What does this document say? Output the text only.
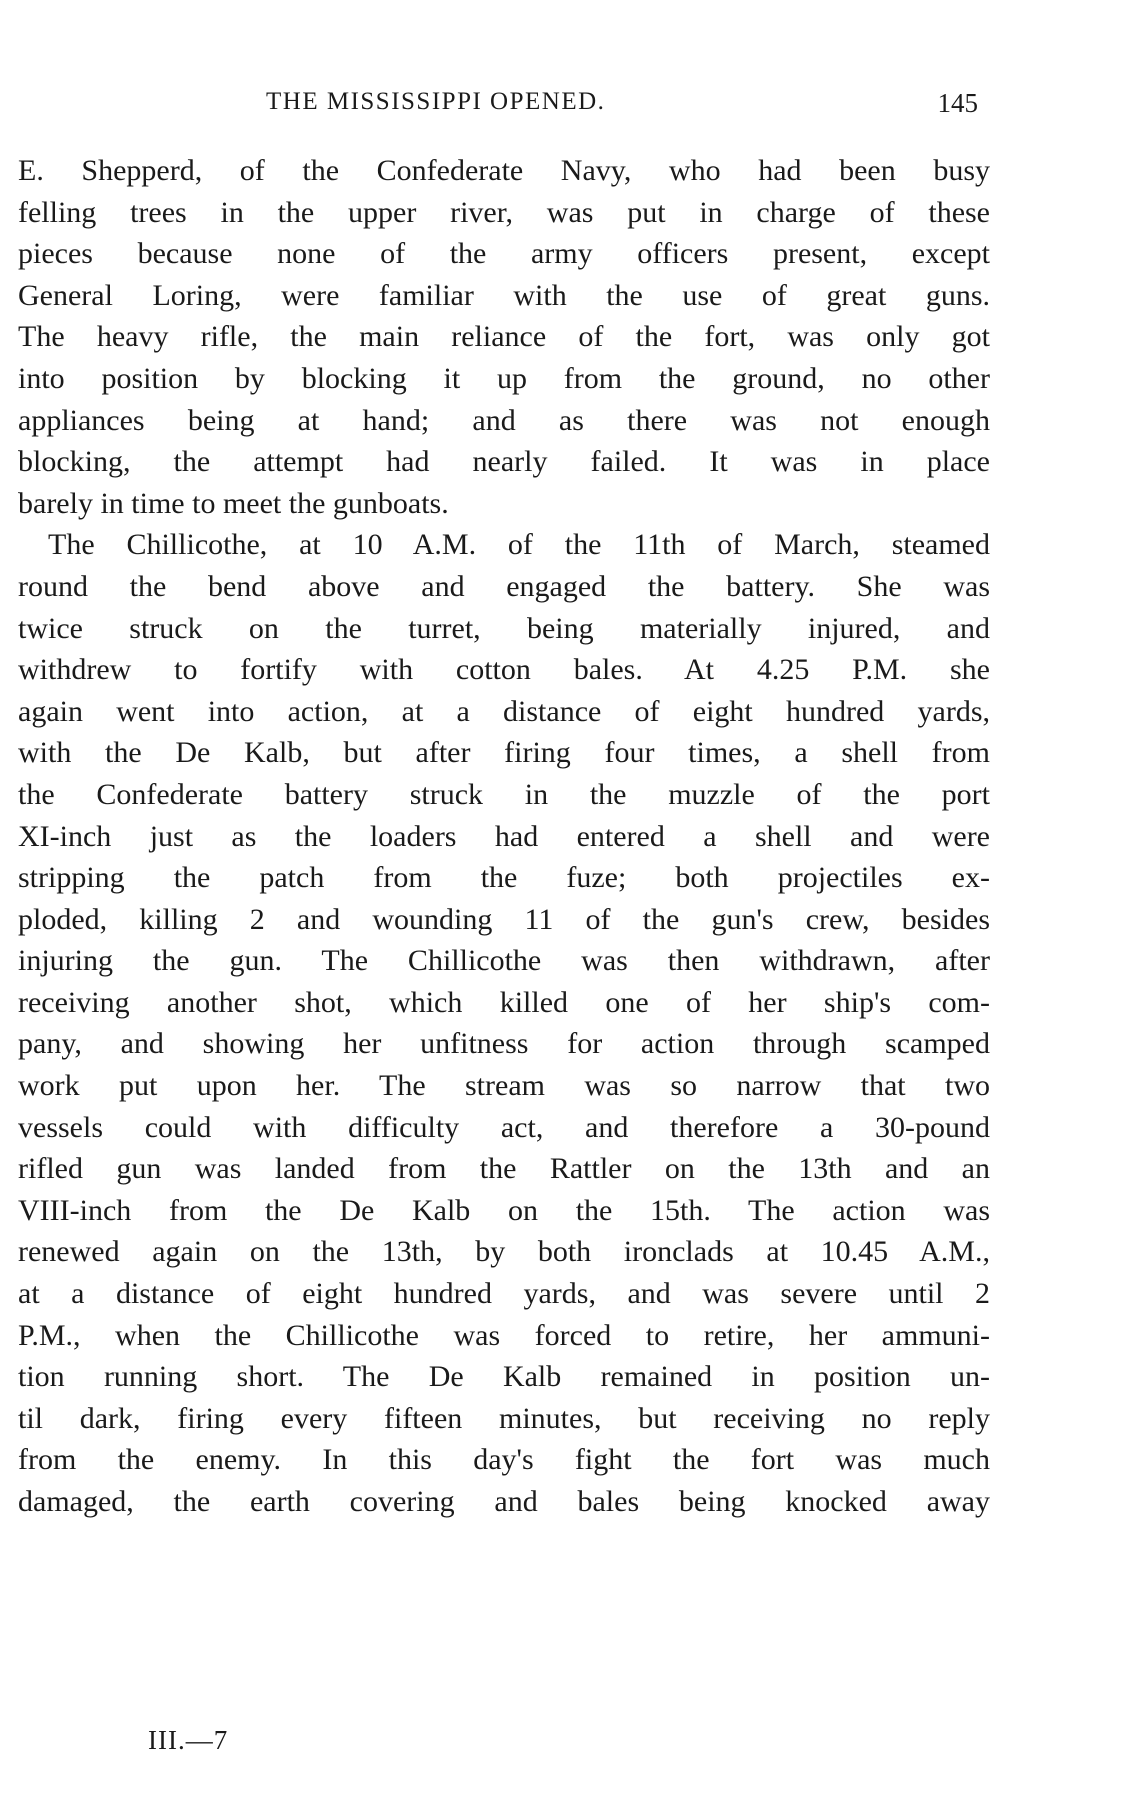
THE MISSISSIPPI OPENED.	145
E. Shepperd, of the Confederate Navy, who had been busy
felling trees in the upper river, was put in charge of these
pieces because none of the army officers present, except
General Loring, were familiar with the use of great guns.
The heavy rifle, the main reliance of the fort, was only got
into position by blocking it up from the ground, no other
appliances being at hand; and as there was not enough
blocking, the attempt had nearly failed. It was in place
barely in time to meet the gunboats.
The Chillicothe, at 10 A.M. of the 11th of March, steamed
round the bend above and engaged the battery. She was
twice struck on the turret, being materially injured, and
withdrew to fortify with cotton bales. At 4.25 P.M. she
again went into action, at a distance of eight hundred yards,
with the De Kalb, but after firing four times, a shell from
the Confederate battery struck in the muzzle of the port
XI-inch just as the loaders had entered a shell and were
stripping the patch from the fuze; both projectiles ex-
ploded, killing 2 and wounding 11 of the gun's crew, besides
injuring the gun. The Chillicothe was then withdrawn, after
receiving another shot, which killed one of her ship's com-
pany, and showing her unfitness for action through scamped
work put upon her. The stream was so narrow that two
vessels could with difficulty act, and therefore a 30-pound
rifled gun was landed from the Rattler on the 13th and an
VIII-inch from the De Kalb on the 15th. The action was
renewed again on the 13th, by both ironclads at 10.45 A.M.,
at a distance of eight hundred yards, and was severe until 2
P.M., when the Chillicothe was forced to retire, her ammuni-
tion running short. The De Kalb remained in position un-
til dark, firing every fifteen minutes, but receiving no reply
from the enemy. In this day's fight the fort was much
damaged, the earth covering and bales being knocked away
III.—7
